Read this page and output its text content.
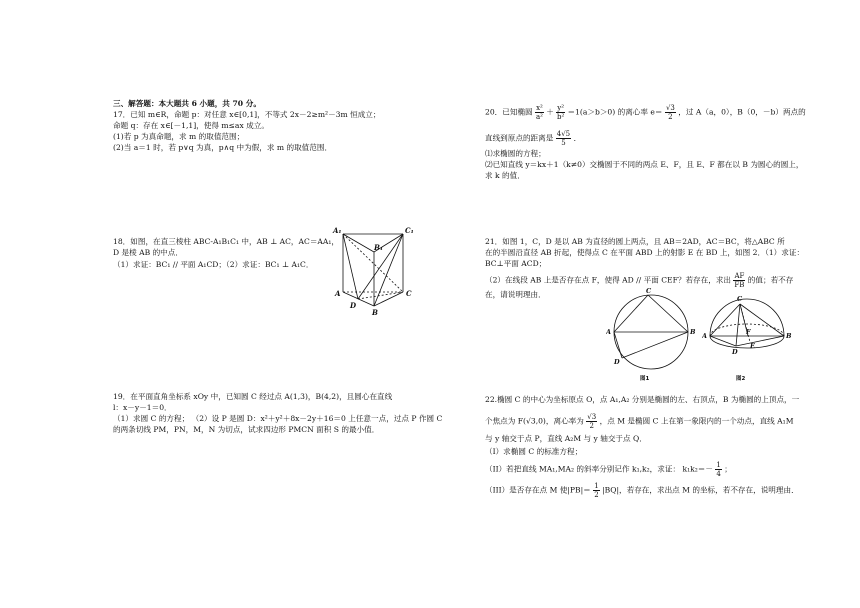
三、解答题：本大题共 6 小题，共 70 分。
17．已知 m∈R，命题 p：对任意 x∈[0,1]，不等式 2x－2≥m²－3m 恒成立；
命题 q：存在 x∈[－1,1]，使得 m≤ax 成立。
(1)若 p 为真命题，求 m 的取值范围；
(2)当 a＝1 时，若 p∨q 为真，p∧q 中为假，求 m 的取值范围．
18．如图，在直三棱柱 ABC-A₁B₁C₁ 中，AB ⊥ AC，AC＝AA₁，
D 是棱 AB 的中点．
（1）求证：BC₁ // 平面 A₁CD；（2）求证：BC₁ ⊥ A₁C．
A₁	C₁
B₁
A	C
D
B
19．在平面直角坐标系 xOy 中，已知圆 C 经过点 A(1,3)，B(4,2)，且圆心在直线
l：x－y－1＝0．
（1）求圆 C 的方程； （2）设 P 是圆 D：x²＋y²＋8x－2y＋16＝0 上任意一点，过点 P 作圆 C
的两条切线 PM，PN，M，N 为切点，试求四边形 PMCN 面积 S 的最小值．
20．已知椭圆 $\frac{\text{x²}}{\text{a²}} + \frac{\text{y²}}{\text{b²}} =1(a>b>0)$ 的离心率 $e= \frac{√3}{2}$ ，过 A（a，0），B（0，－b）两点的
直线到原点的距离是 $\frac{4√5}{5}$ ．
⑴求椭圆的方程；
⑵已知直线 y＝kx＋1（k≠0）交椭圆于不同的两点 E、F，且 E、F 都在以 B 为圆心的圆上，
求 k 的值．
21．如图 1，C，D 是以 AB 为直径的圆上两点，且 AB＝2AD，AC＝BC，将△ABC 所
在的半圆沿直径 AB 折起，使得点 C 在平面 ABD 上的射影 E 在 BD 上，如图 2．（1）求证：
BC⊥平面 ACD；
（2）在线段 AB 上是否存在点 F，使得 AD // 平面 CEF？若存在，求出 $\frac{AF}{FB}$ 的值；若不存
在，请说明理由．	C
A	B
D
图1
C
A	B
E
F
D
图2
22.椭圆 C 的中心为坐标原点 O，点 A₁,A₂ 分别是椭圆的左、右顶点，B 为椭圆的上顶点，一
个焦点为 F(√3,0)，离心率为 $\frac{√3}{2}$ ，点 M 是椭圆 C 上在第一象限内的一个动点，直线 A₁M
与 y 轴交于点 P，直线 A₂M 与 y 轴交于点 Q．
（I）求椭圆 C 的标准方程；
（II）若把直线 MA₁,MA₂ 的斜率分别记作 k₁,k₂，求证： $k_1k_2=- \frac{1}{4}$ ；
（III）是否存在点 M 使$|PB|= \frac{1}{2} |BQ|$，若存在，求出点 M 的坐标，若不存在，说明理由．
